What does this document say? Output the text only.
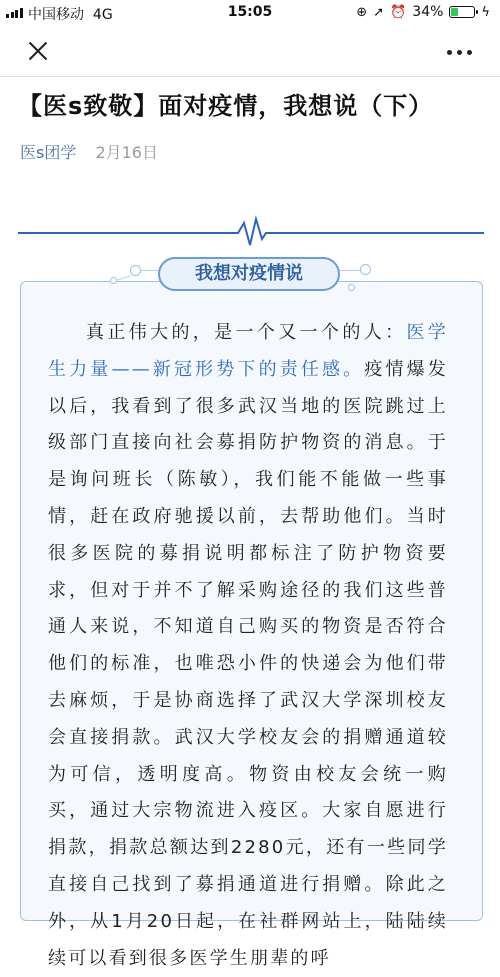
中国移动 4G	15:05	⊕ ➚ ⏰ 34%	ϟ
【医s致敬】面对疫情，我想说（下）
医s团学 2月16日
我想对疫情说

真正伟大的，是一个又一个的人：医学生力量——新冠形势下的责任感。疫情爆发以后，我看到了很多武汉当地的医院跳过上级部门直接向社会募捐防护物资的消息。于是询问班长（陈敏），我们能不能做一些事情，赶在政府驰援以前，去帮助他们。当时很多医院的募捐说明都标注了防护物资要求，但对于并不了解采购途径的我们这些普通人来说，不知道自己购买的物资是否符合他们的标准，也唯恐小件的快递会为他们带去麻烦，于是协商选择了武汉大学深圳校友会直接捐款。武汉大学校友会的捐赠通道较为可信，透明度高。物资由校友会统一购买，通过大宗物流进入疫区。大家自愿进行捐款，捐款总额达到2280元，还有一些同学直接自己找到了募捐通道进行捐赠。除此之外，从1月20日起，在社群网站上，陆陆续续可以看到很多医学生朋辈的呼
